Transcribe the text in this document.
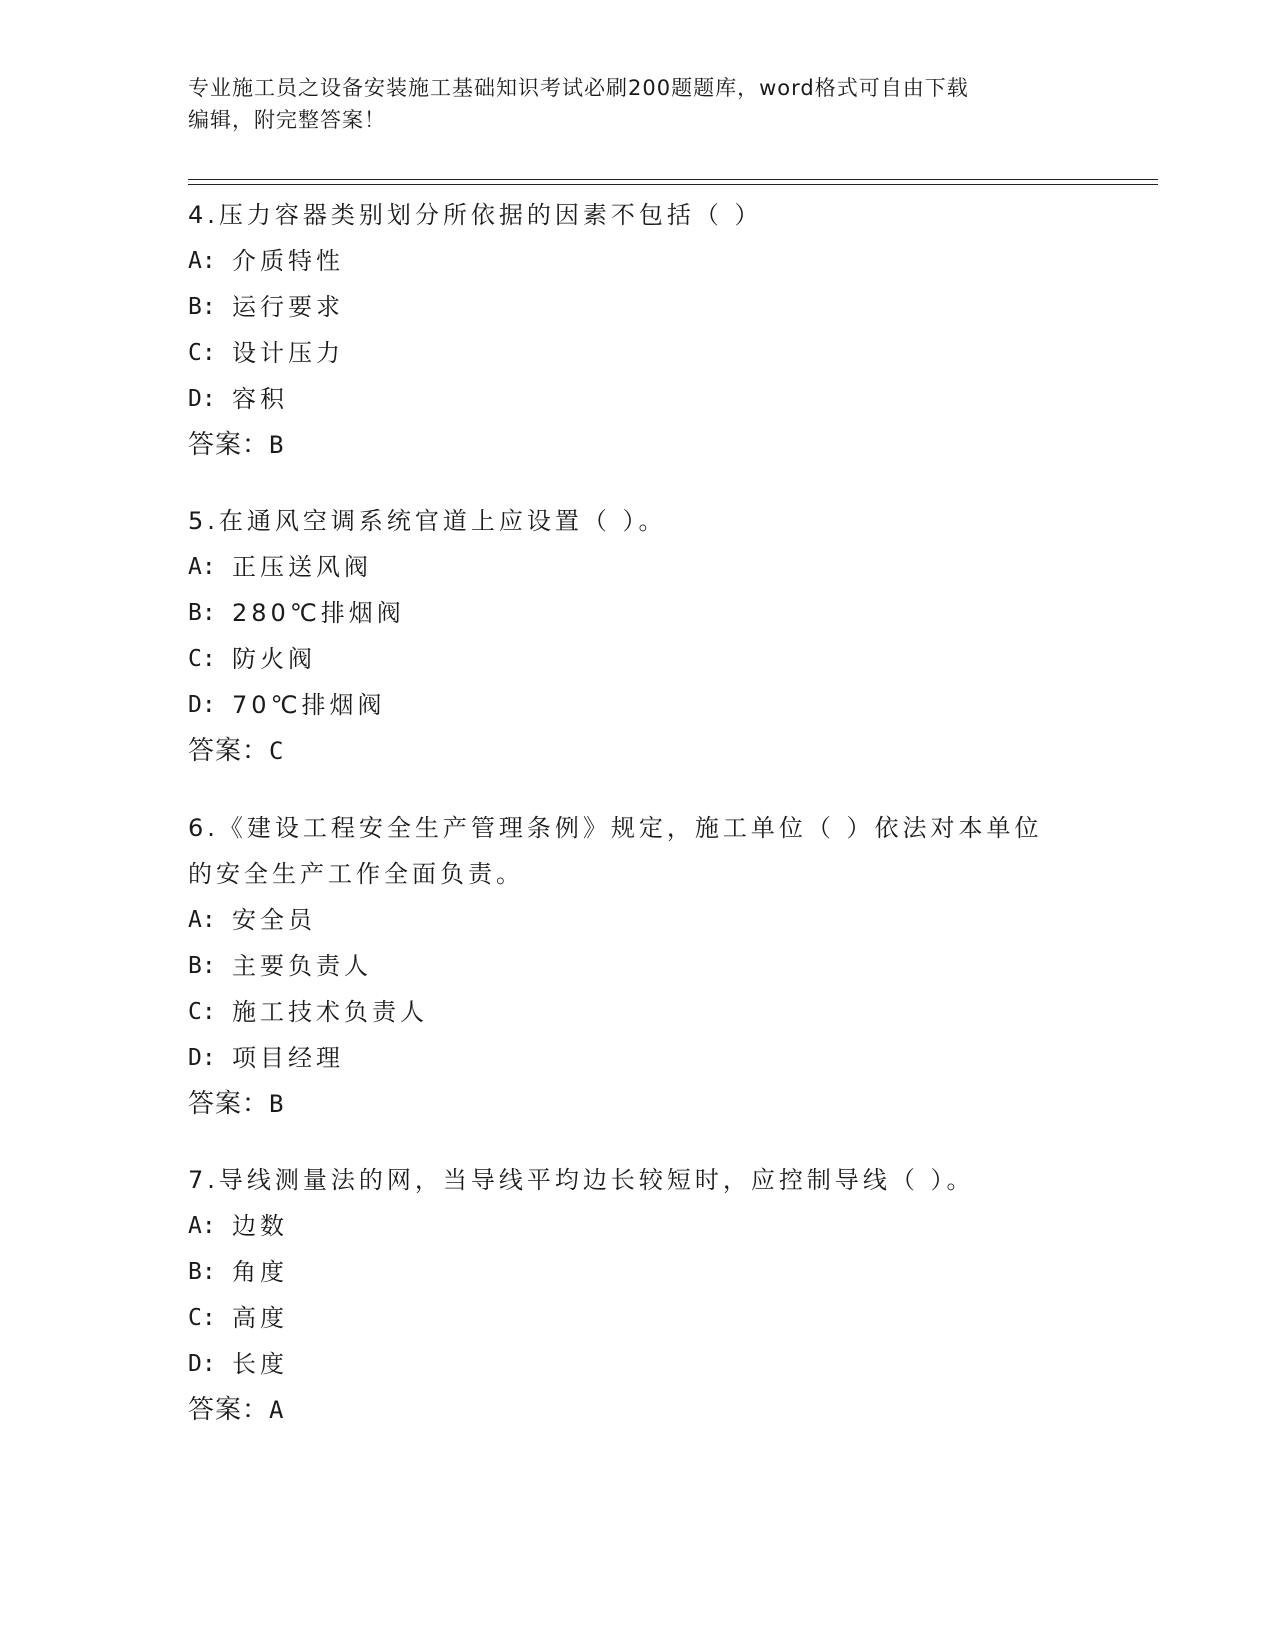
专业施工员之设备安装施工基础知识考试必刷200题题库，word格式可自由下载
编辑，附完整答案！

4.压力容器类别划分所依据的因素不包括（ ）

A: 介质特性

B: 运行要求

C: 设计压力

D: 容积

答案：B

5.在通风空调系统官道上应设置（ ）。

A: 正压送风阀

B: 280℃排烟阀

C: 防火阀

D: 70℃排烟阀

答案：C

6.《建设工程安全生产管理条例》规定，施工单位（ ）依法对本单位

的安全生产工作全面负责。

A: 安全员

B: 主要负责人

C: 施工技术负责人

D: 项目经理

答案：B

7.导线测量法的网，当导线平均边长较短时，应控制导线（ ）。

A: 边数

B: 角度

C: 高度

D: 长度

答案：A
